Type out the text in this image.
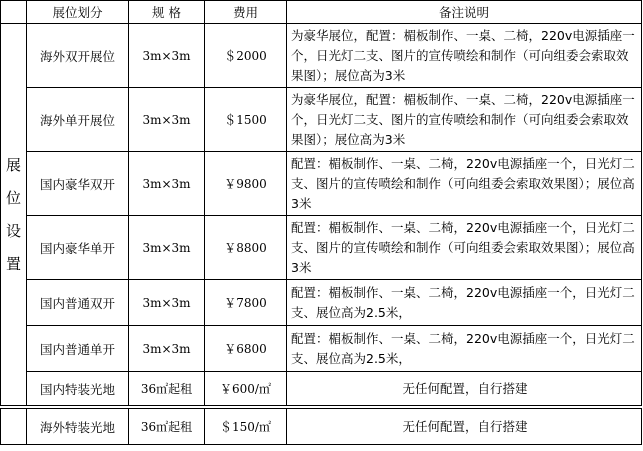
	展位划分	规 格	费用	备注说明

展
位
设
置	海外双开展位	3m×3m	＄2000	为豪华展位，配置：楣板制作、一桌、二椅，220v电源插座一个，日光灯二支、图片的宣传喷绘和制作（可向组委会索取效果图）；展位高为3米
	海外单开展位	3m×3m	＄1500	为豪华展位，配置：楣板制作、一桌、二椅，220v电源插座一个，日光灯二支、图片的宣传喷绘和制作（可向组委会索取效果图）；展位高为3米
	国内豪华双开	3m×3m	￥9800	配置：楣板制作、一桌、二椅，220v电源插座一个，日光灯二支、图片的宣传喷绘和制作（可向组委会索取效果图）；展位高3米
	国内豪华单开	3m×3m	￥8800	配置：楣板制作、一桌、二椅，220v电源插座一个，日光灯二支、图片的宣传喷绘和制作（可向组委会索取效果图）；展位高3米
	国内普通双开	3m×3m	￥7800	配置：楣板制作、一桌、二椅，220v电源插座一个，日光灯二支、展位高为2.5米，
	国内普通单开	3m×3m	￥6800	配置：楣板制作、一桌、二椅，220v电源插座一个，日光灯二支、展位高为2.5米，
	国内特装光地	36㎡起租	￥600/㎡	无任何配置，自行搭建

	海外特装光地	36㎡起租	＄150/㎡	无任何配置，自行搭建
